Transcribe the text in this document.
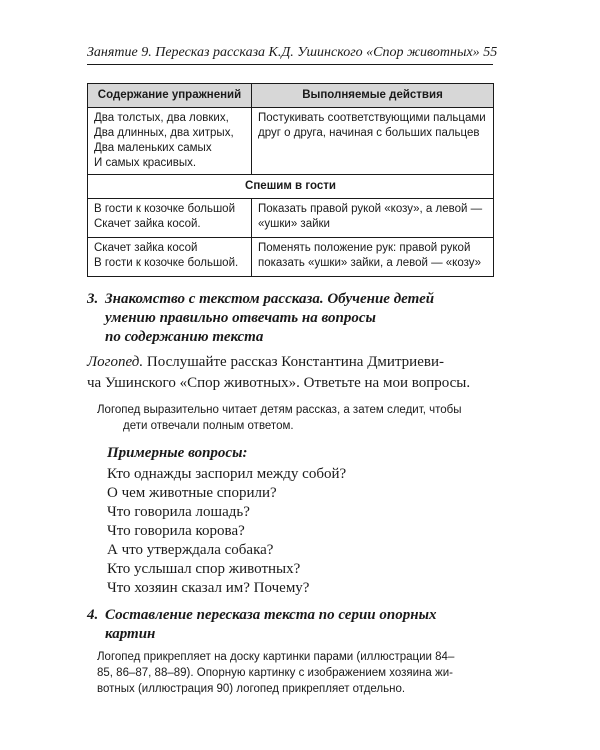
Занятие 9. Пересказ рассказа К.Д. Ушинского «Спор животных» 55
Содержание упражнений	Выполняемые действия

Два толстых, два ловких,
Два длинных, два хитрых,
Два маленьких самых
И самых красивых.	Постукивать соответствующими пальцами
друг о друга, начиная с больших пальцев

Спешим в гости	

В гости к козочке большой
Скачет зайка косой.	Показать правой рукой «козу», а левой —
«ушки» зайки

Скачет зайка косой
В гости к козочке большой.	Поменять положение рук: правой рукой
показать «ушки» зайки, а левой — «козу»
3. Знакомство с текстом рассказа. Обучение детей
умению правильно отвечать на вопросы
по содержанию текста
Логопед. Послушайте рассказ Константина Дмитриеви-
ча Ушинского «Спор животных». Ответьте на мои вопросы.
Логопед выразительно читает детям рассказ, а затем следит, чтобы
дети отвечали полным ответом.
Примерные вопросы:
Кто однажды заспорил между собой?
О чем животные спорили?
Что говорила лошадь?
Что говорила корова?
А что утверждала собака?
Кто услышал спор животных?
Что хозяин сказал им? Почему?
4. Составление пересказа текста по серии опорных
картин
Логопед прикрепляет на доску картинки парами (иллюстрации 84–
85, 86–87, 88–89). Опорную картинку с изображением хозяина жи-
вотных (иллюстрация 90) логопед прикрепляет отдельно.
